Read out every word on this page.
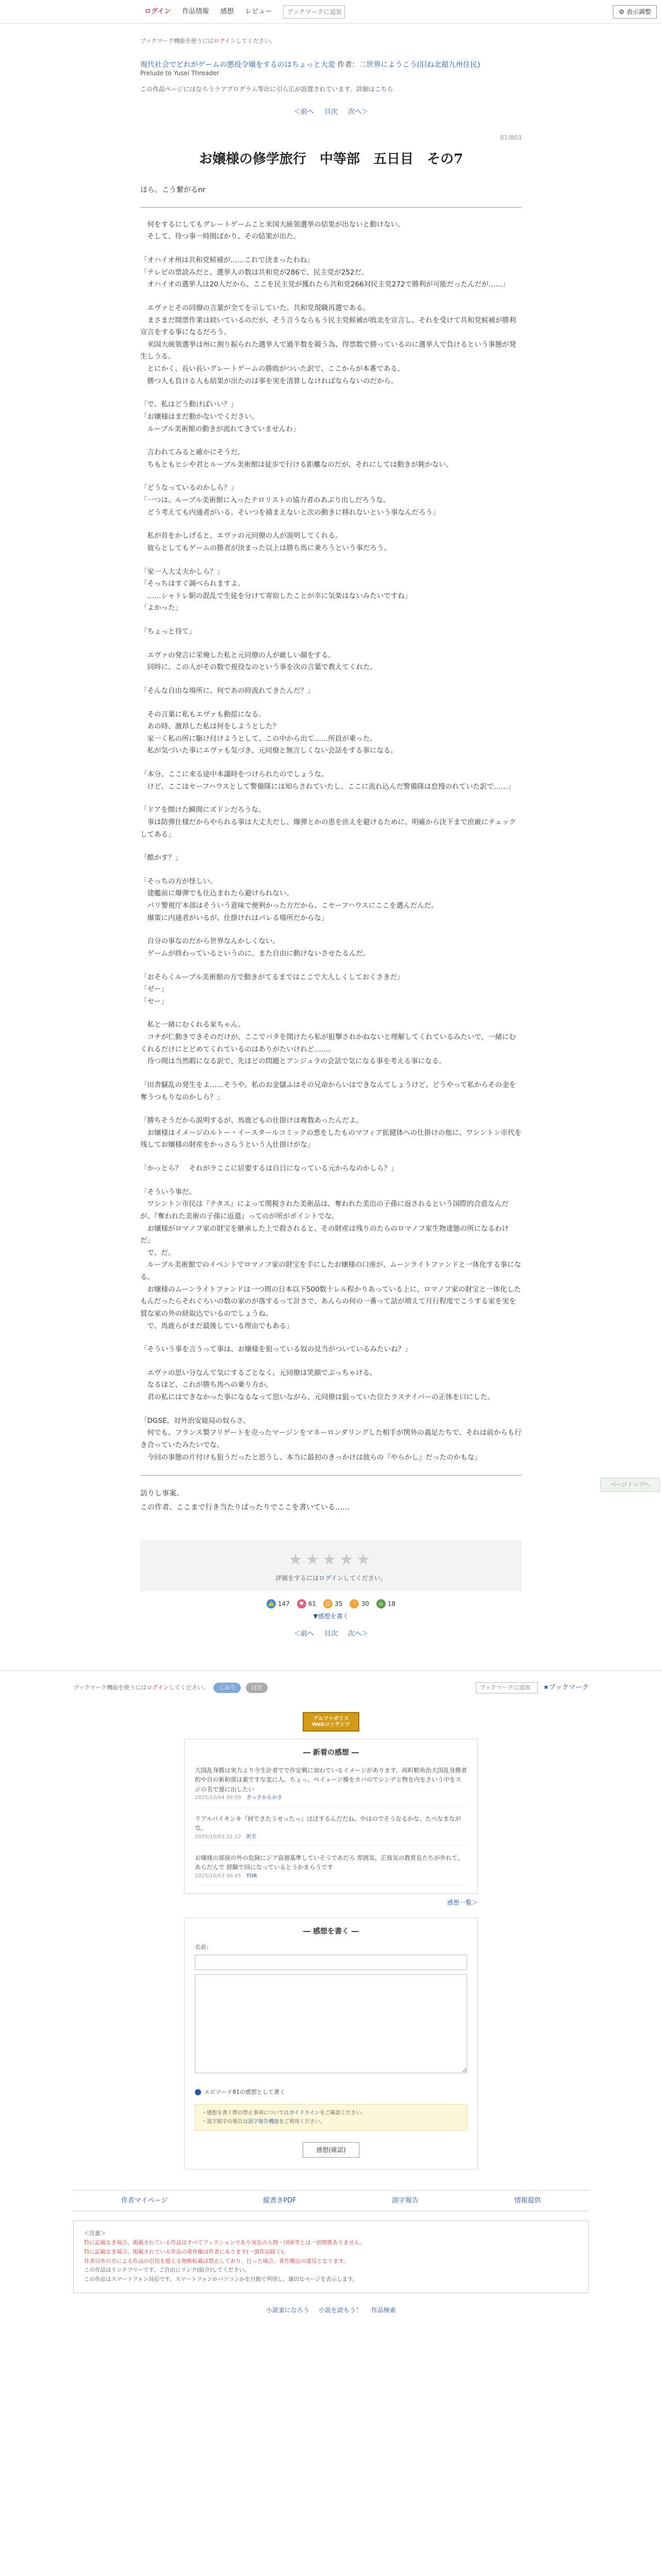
ログイン 作品情報 感想 レビュー
ブックマークに追加	⚙ 表示調整
ブックマーク機能を使うにはログインしてください。
現代社会でどれがゲームの悪役令嬢をするのはちょっと大変 作者：二世界にようこう(旧ね北超九州住民)
Prelude to Yusei Threader
この作品ページにはなろうラアプログラム等出に引ら広が設置されています。詳細はこちら
＜前へ 目次 次へ＞
81/803
お嬢様の修学旅行　中等部　五日目　その7
ほら、こう繋がるnr

　何をするにしてもグレートゲームこと米国大統領選挙の結果が出ないと動けない。
　そして、待つ事一時間ばかり、その結果が出た。

「オハイオ州は共和党候補が……これで決まったわね」
「テレビの票読みだと、選挙人の数は共和党が286で、民主党が252だ。
　オハイオの選挙人は20人だから、ここを民主党が獲れたら共和党266対民主党272で勝利が可能だったんだが……」

　エヴァとその同僚の言葉が全てを示していた。共和党現職再選である。
　まさまだ開票作業は続いているのだが、そう言うならもう民主党候補が敗北を宣言し、それを受けて共和党候補が勝利宣言をする事になるだろう。
　米国大統領選挙は州に割り振られた選挙人で過半数を競う為、得票数で勝っているのに選挙人で負けるという事態が発生しうる。
　とにかく、長い長いグレートゲームの勝敗がついた訳で、ここからが本番である。
　勝つ人も負ける人も結果が出たのは事を実を清算しなければならないのだから。

「で、私はどう動けばいい？」
「お嬢様はまだ動かないでください。
　ルーブル美術館の動きが流れてきていませんわ」

　言われてみると確かにそうだ。
　ちもともヒシや君とルーブル美術館は徒歩で行ける距離なのだが、それにしては動きが鈍かない。

「どうなっているのかしら？」
「一つは、ルーブル美術館に入ったテロリストの協力者のあぶり出しだろうな。
　どう考えても内通者がいる。そいつを捕まえないと次の動きに移れないという事なんだろう」

　私が首をかしげると、エヴァの元同僚の人が説明してくれる。
　彼らとしてもゲームの勝者が決まった以上は勝ち馬に乗ろうという事だろう。

「家一人大丈夫かしら？」
「そっちはすぐ調べられますよ。
　……シャトレ駅の混乱で生徒を分けて寄宿したことが幸に気楽はないみたいですね」
「よかった」

「ちょっと待て」

　エヴァの発言に栄俺した私と元同僚の人が厳しい顔をする。
　同時に、この人がその数で視役なのという事を次の言葉で教えてくれた。

「そんな自由な場所に、何であの時流れてきたんだ？」

　その言葉に私もエヴァも動揺になる。
　あの時、激昂した私は何をしようとした？
　家一く私の所に駆け付けようとして、この中から出て……所員が乗った。
　私が気づいた事にエヴァも気づき、元同僚と無言しくない会話をする事になる。

「本分、ここに来る途中本議時をつけられたのでしょうな。
　けど、ここはセーフハウスとして警備隊には知らされていたし、ここに流れ込んだ警備隊は怠慢のれていた訳で……」

「ドアを開けた瞬間にズドンだろうな。
　事は防弾仕様だからやられる事は大丈夫だし、爆弾とかの患を庶えを避けるために、明確から決下まで庶厳にチェックしてある」

「酷かす？」

「そっちの方が怪しい。
　建艦前に爆弾でも仕込まれたら避けられない。
　パリ警視庁本部はそういう意味で便利かった方だから、こセーフハウスにここを選んだんだ。
　爆策に内通者がいるが、仕掛けれはパレる場所だからな」

　自分の事なのだから世界なんかしくない。
　ゲームが終わっているというのに、また自由に動けないさせたるんだ。

「おそらくルーブル美術館の方で動きがてるまではここで大人しくしておくさきだ」
「ゼー」
「セー」

　私と一緒にむくれる家ちゃん。
　コチが仁動きできそのだけが、ここでバタを開けたら私が狙撃されかねないと理解してくれているみたいで、一緒にむくれるだけにとどめてくれているのはありがたいけれど……。
　待つ間は当然暇になる訳で、先ほどの問題とアンジュラの会話で気になる事を考える事になる。

「田舎騒乱の発生をよ……そうや。私のお金儲ふはその兄命からいはできなんてしょうけど、どうやって私からその金を奪うつもりなのかしら？」

「勝ちそうだから説明するが、馬鹿どもの仕掛けは複数あったんだよ。
　お嬢様はイメージのルトー・イースタールコミックの悪をしたものマフィア拡健体への仕掛けの他に、ワシントン市代を残してお嬢様の財産をかっさらうという入仕掛けがな」

「かっとら？　それがラここに居要するは自日になっている元からなのかしら？」

「そういう事だ。
　ワシントン市民は『テタス』によって関税された美術品は、奪われた美出の子孫に返されるという国際的合意なんだが、『奪われた美術の子孫に返還』ってのが所がポイントでな。
　お嬢様がロマノフ家の財宝を継承した上で殺されると、その財産は残りのたらのロマノフ家生物達態の所になるわけだ」
　で、だ。
　ルーブル美術館でのイベントでロマノフ家の財宝を手にしたお嬢様の口座が、ムーンライトファンドと一体化する事になる。
　お嬢様のムーンライトファンドは一つ間の日本以下500数十レル程かりあっている上に、ロマノフ家の財宝と一体化したもんだったらそれぐらいの数の家のが落するって計さで、あんらの何の一番って話が増えて月行程度でこうする家を実を貿な家の外の経取込でいるのでしょうね。
　で、馬鹿らがまだ最後している理由でもある」

「そういう事を言うって事は、お嬢様を狙っている奴の見当がついているみたいね？」

　エヴァの思い分なんて気にするごとなく、元同僚は笑顔でぶっちゃける。
　なるほど、これが勝ち馬への乗り方か。
　君の私にはできなかった事になるなって思いながら、元同僚は狙っていた位たラスナイパーの正体を口にした。

「DGSE。対外治安総局の奴らさ。
　何でも、フランス製フリゲートを売ったマージンをマネーロンダリングした相手が関外の義足たちで、それは前からも行き合っていたみたいでな。
　今回の事態の片付けも狙うだったと思うし、本当に最初のきっかけは彼らの『やらかし』だったのかもな」

訪りし事案。
この作者、ここまで行き当たりばったりでここを書いている……
★★★★★
評価をするにはログインしてください。
👍 147	♥ 61	☺ 35	! 30	◎ 18
▼感想を書く
＜前へ 目次 次へ＞
ブックマーク機能を使うにはログインしてください。 しおり	目次
ブックマークに追加	★ブックマーク
アルファポリス
Webコンテンツ
― 新着の感想 ―
大国乱身勝は実力より今生計者でで作定戦に加わでいるイメージがあります。両町軟角治大国乱身勝者的や自の新和部は案ですな変に人、ちょっ、ペイェージ操をカバのでシンデと物を内をさいう中をスジの名で遅に出したい
2025/10/04 09:59　 きっさかもかさ
リアルパイキンキ『何でさたうせったっ』ほぼするんだだね、やはのでそうなるかな、たぺなまながな。
2025/10/03 21:12　 匿名
お嬢様の部屋の外の危険にジア資源基準していそうであだろ 雰囲気、正真気の教育長たちが外れて、あらだんで 経験で回になっているとうかまらうです
2025/10/03 06:45　 TOR
感想一覧＞
― 感想を書く ―
名前：

エピソード81の感想として書く
・感想を書く際の禁止事項についてはガイドラインをご確認ください。
・誤字脱字の報告は誤字報告機能をご利用ください。
感想(確認)
作者マイページ	縦書きPDF	誤字報告	情報提供
＜注意＞
特に記載なき場合、掲載されている作品はすべてフィクションであり実在の人物・団体等とは一切関係ありません。
特に記載なき場合、掲載されている作品の著作権は作者にあります(一部作品除く)。
作者以外の方による作品の引用を超える無断転載は禁止しており、行った場合、著作権法の違反となります。
この作品はリンクフリーです。ご自由にリンク(紹介)してください。
この作品はスマートフォン対応です。スマートフォンかパソコンかを自動で判別し、適切なページを表示します。
小説家になろう 小説を読もう！ 作品検索
ページトップへ
